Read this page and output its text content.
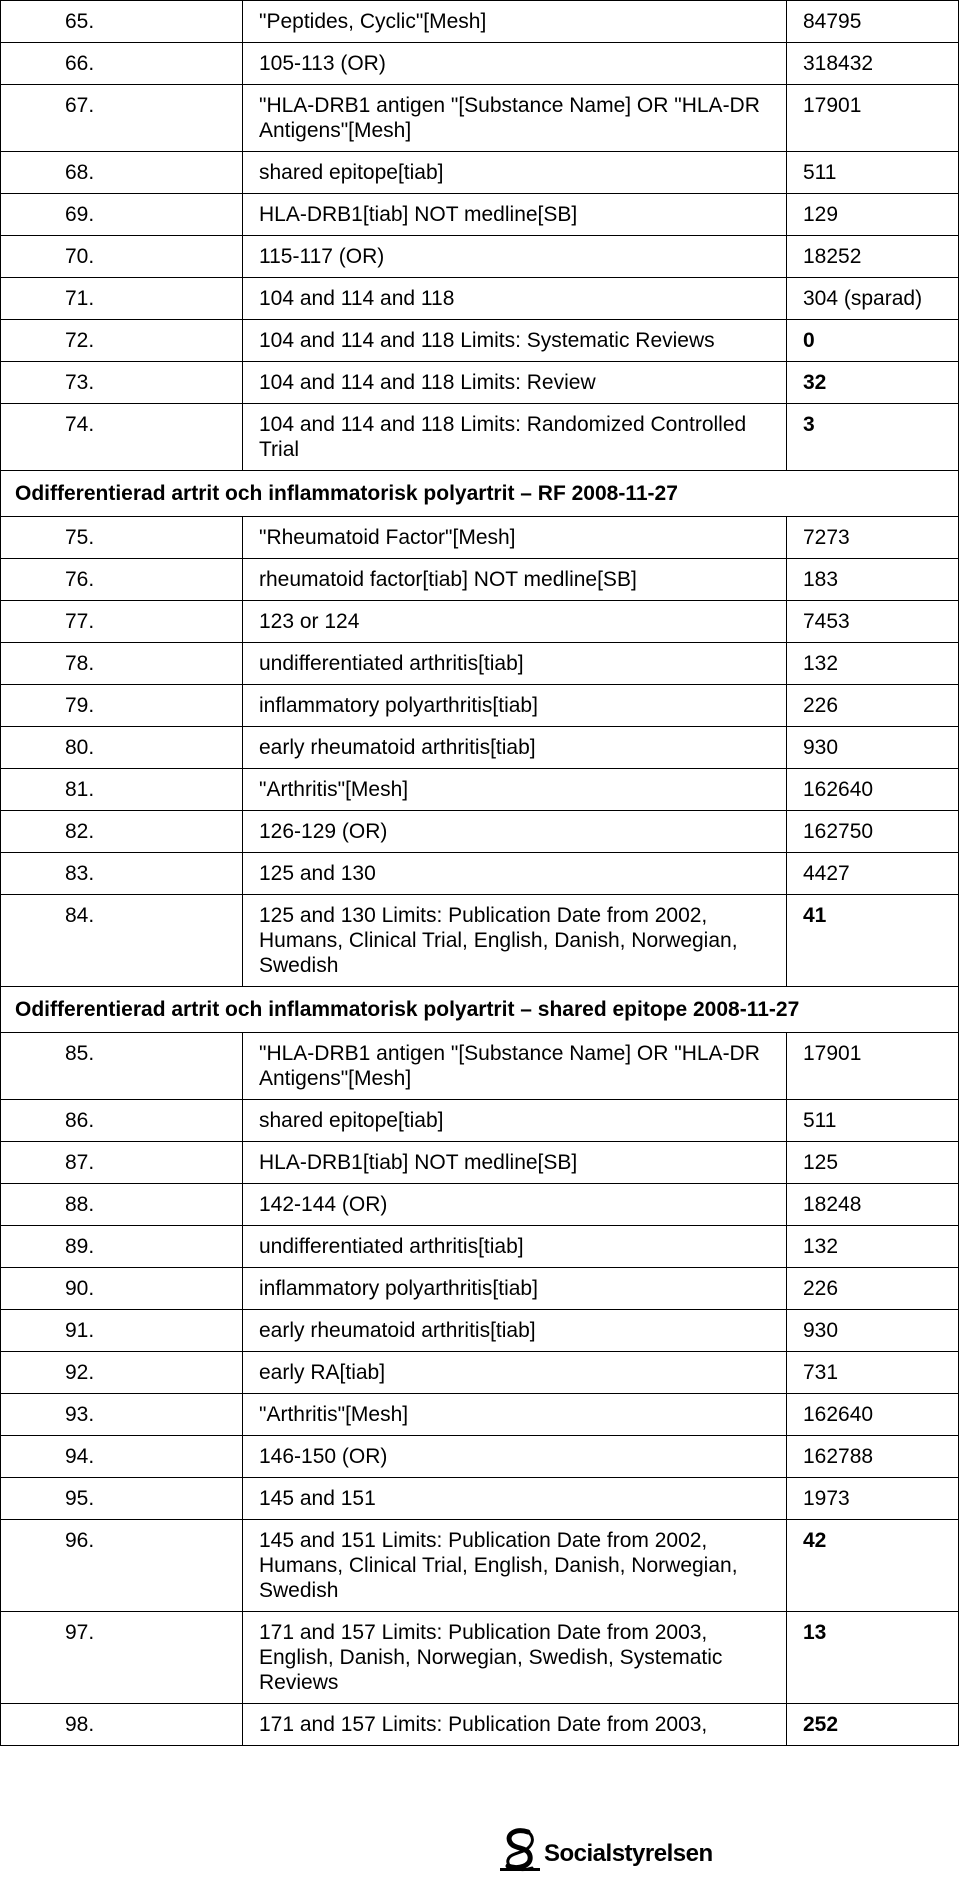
65.	"Peptides, Cyclic"[Mesh]	84795
66.	105-113 (OR)	318432
67.	"HLA-DRB1 antigen "[Substance Name] OR "HLA-DR Antigens"[Mesh]	17901
68.	shared epitope[tiab]	511
69.	HLA-DRB1[tiab] NOT medline[SB]	129
70.	115-117 (OR)	18252
71.	104 and 114 and 118	304 (sparad)
72.	104 and 114 and 118 Limits: Systematic Reviews	0
73.	104 and 114 and 118 Limits: Review	32
74.	104 and 114 and 118 Limits: Randomized Controlled Trial	3
Odifferentierad artrit och inflammatorisk polyartrit – RF 2008-11-27		
75.	"Rheumatoid Factor"[Mesh]	7273
76.	rheumatoid factor[tiab] NOT medline[SB]	183
77.	123 or 124	7453
78.	undifferentiated arthritis[tiab]	132
79.	inflammatory polyarthritis[tiab]	226
80.	early rheumatoid arthritis[tiab]	930
81.	"Arthritis"[Mesh]	162640
82.	126-129 (OR)	162750
83.	125 and 130	4427
84.	125 and 130 Limits: Publication Date from 2002, Humans, Clinical Trial, English, Danish, Norwegian, Swedish	41
Odifferentierad artrit och inflammatorisk polyartrit – shared epitope 2008-11-27		
85.	"HLA-DRB1 antigen "[Substance Name] OR "HLA-DR Antigens"[Mesh]	17901
86.	shared epitope[tiab]	511
87.	HLA-DRB1[tiab] NOT medline[SB]	125
88.	142-144 (OR)	18248
89.	undifferentiated arthritis[tiab]	132
90.	inflammatory polyarthritis[tiab]	226
91.	early rheumatoid arthritis[tiab]	930
92.	early RA[tiab]	731
93.	"Arthritis"[Mesh]	162640
94.	146-150 (OR)	162788
95.	145 and 151	1973
96.	145 and 151 Limits: Publication Date from 2002, Humans, Clinical Trial, English, Danish, Norwegian, Swedish	42
97.	171 and 157 Limits: Publication Date from 2003, English, Danish, Norwegian, Swedish, Systematic Reviews	13
98.	171 and 157 Limits: Publication Date from 2003,	252
Socialstyrelsen
